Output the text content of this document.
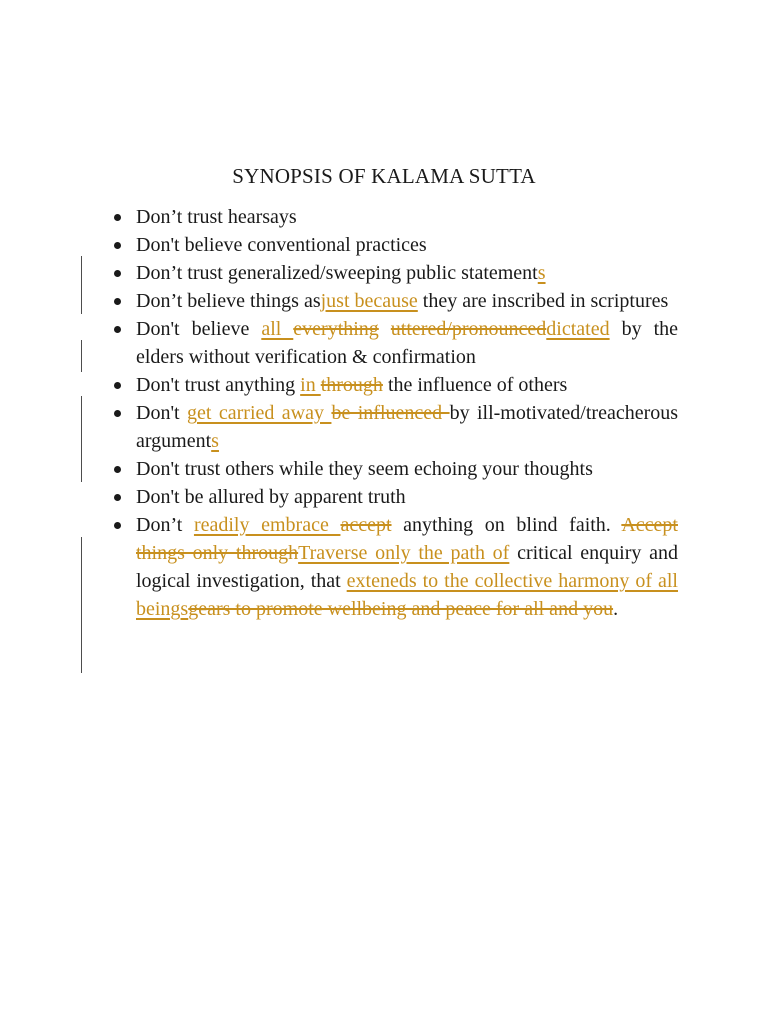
SYNOPSIS OF KALAMA SUTTA
Don’t trust hearsays
Don't believe conventional practices
Don’t trust generalized/sweeping public statements
Don’t believe things asjust because they are inscribed in scriptures
Don't believe all everything uttered/pronounceddictated by the elders without verification & confirmation
Don't trust anything in through the influence of others
Don't get carried away be influenced by ill-motivated/treacherous arguments
Don't trust others while they seem echoing your thoughts
Don't be allured by apparent truth
Don’t readily embrace accept anything on blind faith. Accept things only throughTraverse only the path of critical enquiry and logical investigation, that exteneds to the collective harmony of all beingsgears to promote wellbeing and peace for all and you.
